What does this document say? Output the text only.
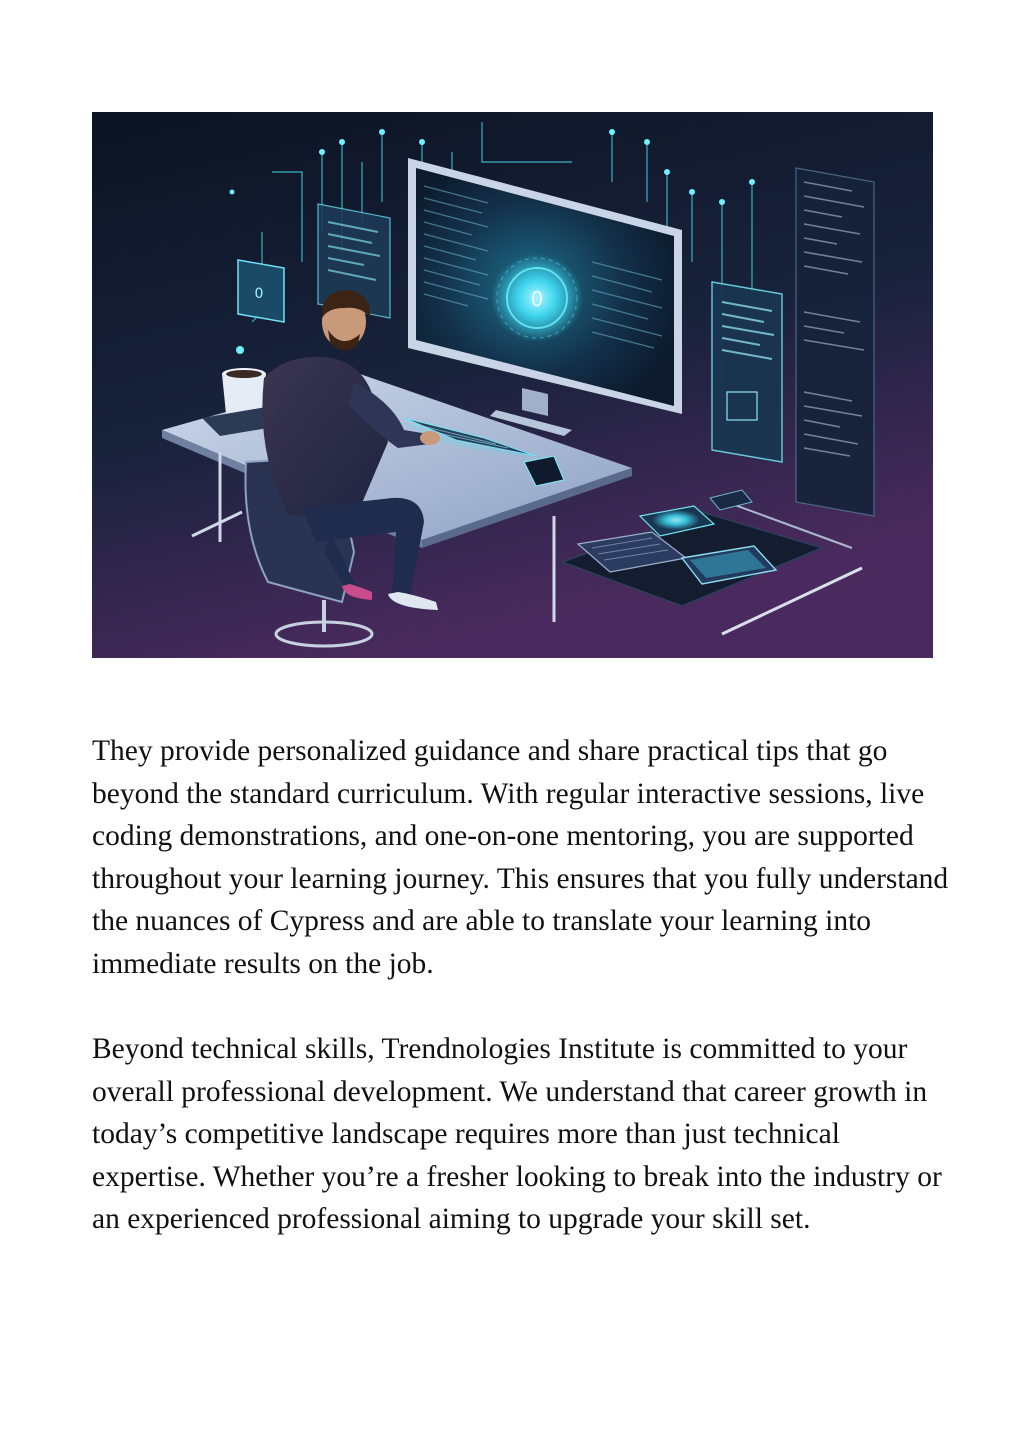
0	0

They provide personalized guidance and share practical tips that go beyond the standard curriculum. With regular interactive sessions, live coding demonstrations, and one-on-one mentoring, you are supported throughout your learning journey. This ensures that you fully understand the nuances of Cypress and are able to translate your learning into immediate results on the job.

Beyond technical skills, Trendnologies Institute is committed to your overall professional development. We understand that career growth in today’s competitive landscape requires more than just technical expertise. Whether you’re a fresher looking to break into the industry or an experienced professional aiming to upgrade your skill set.
